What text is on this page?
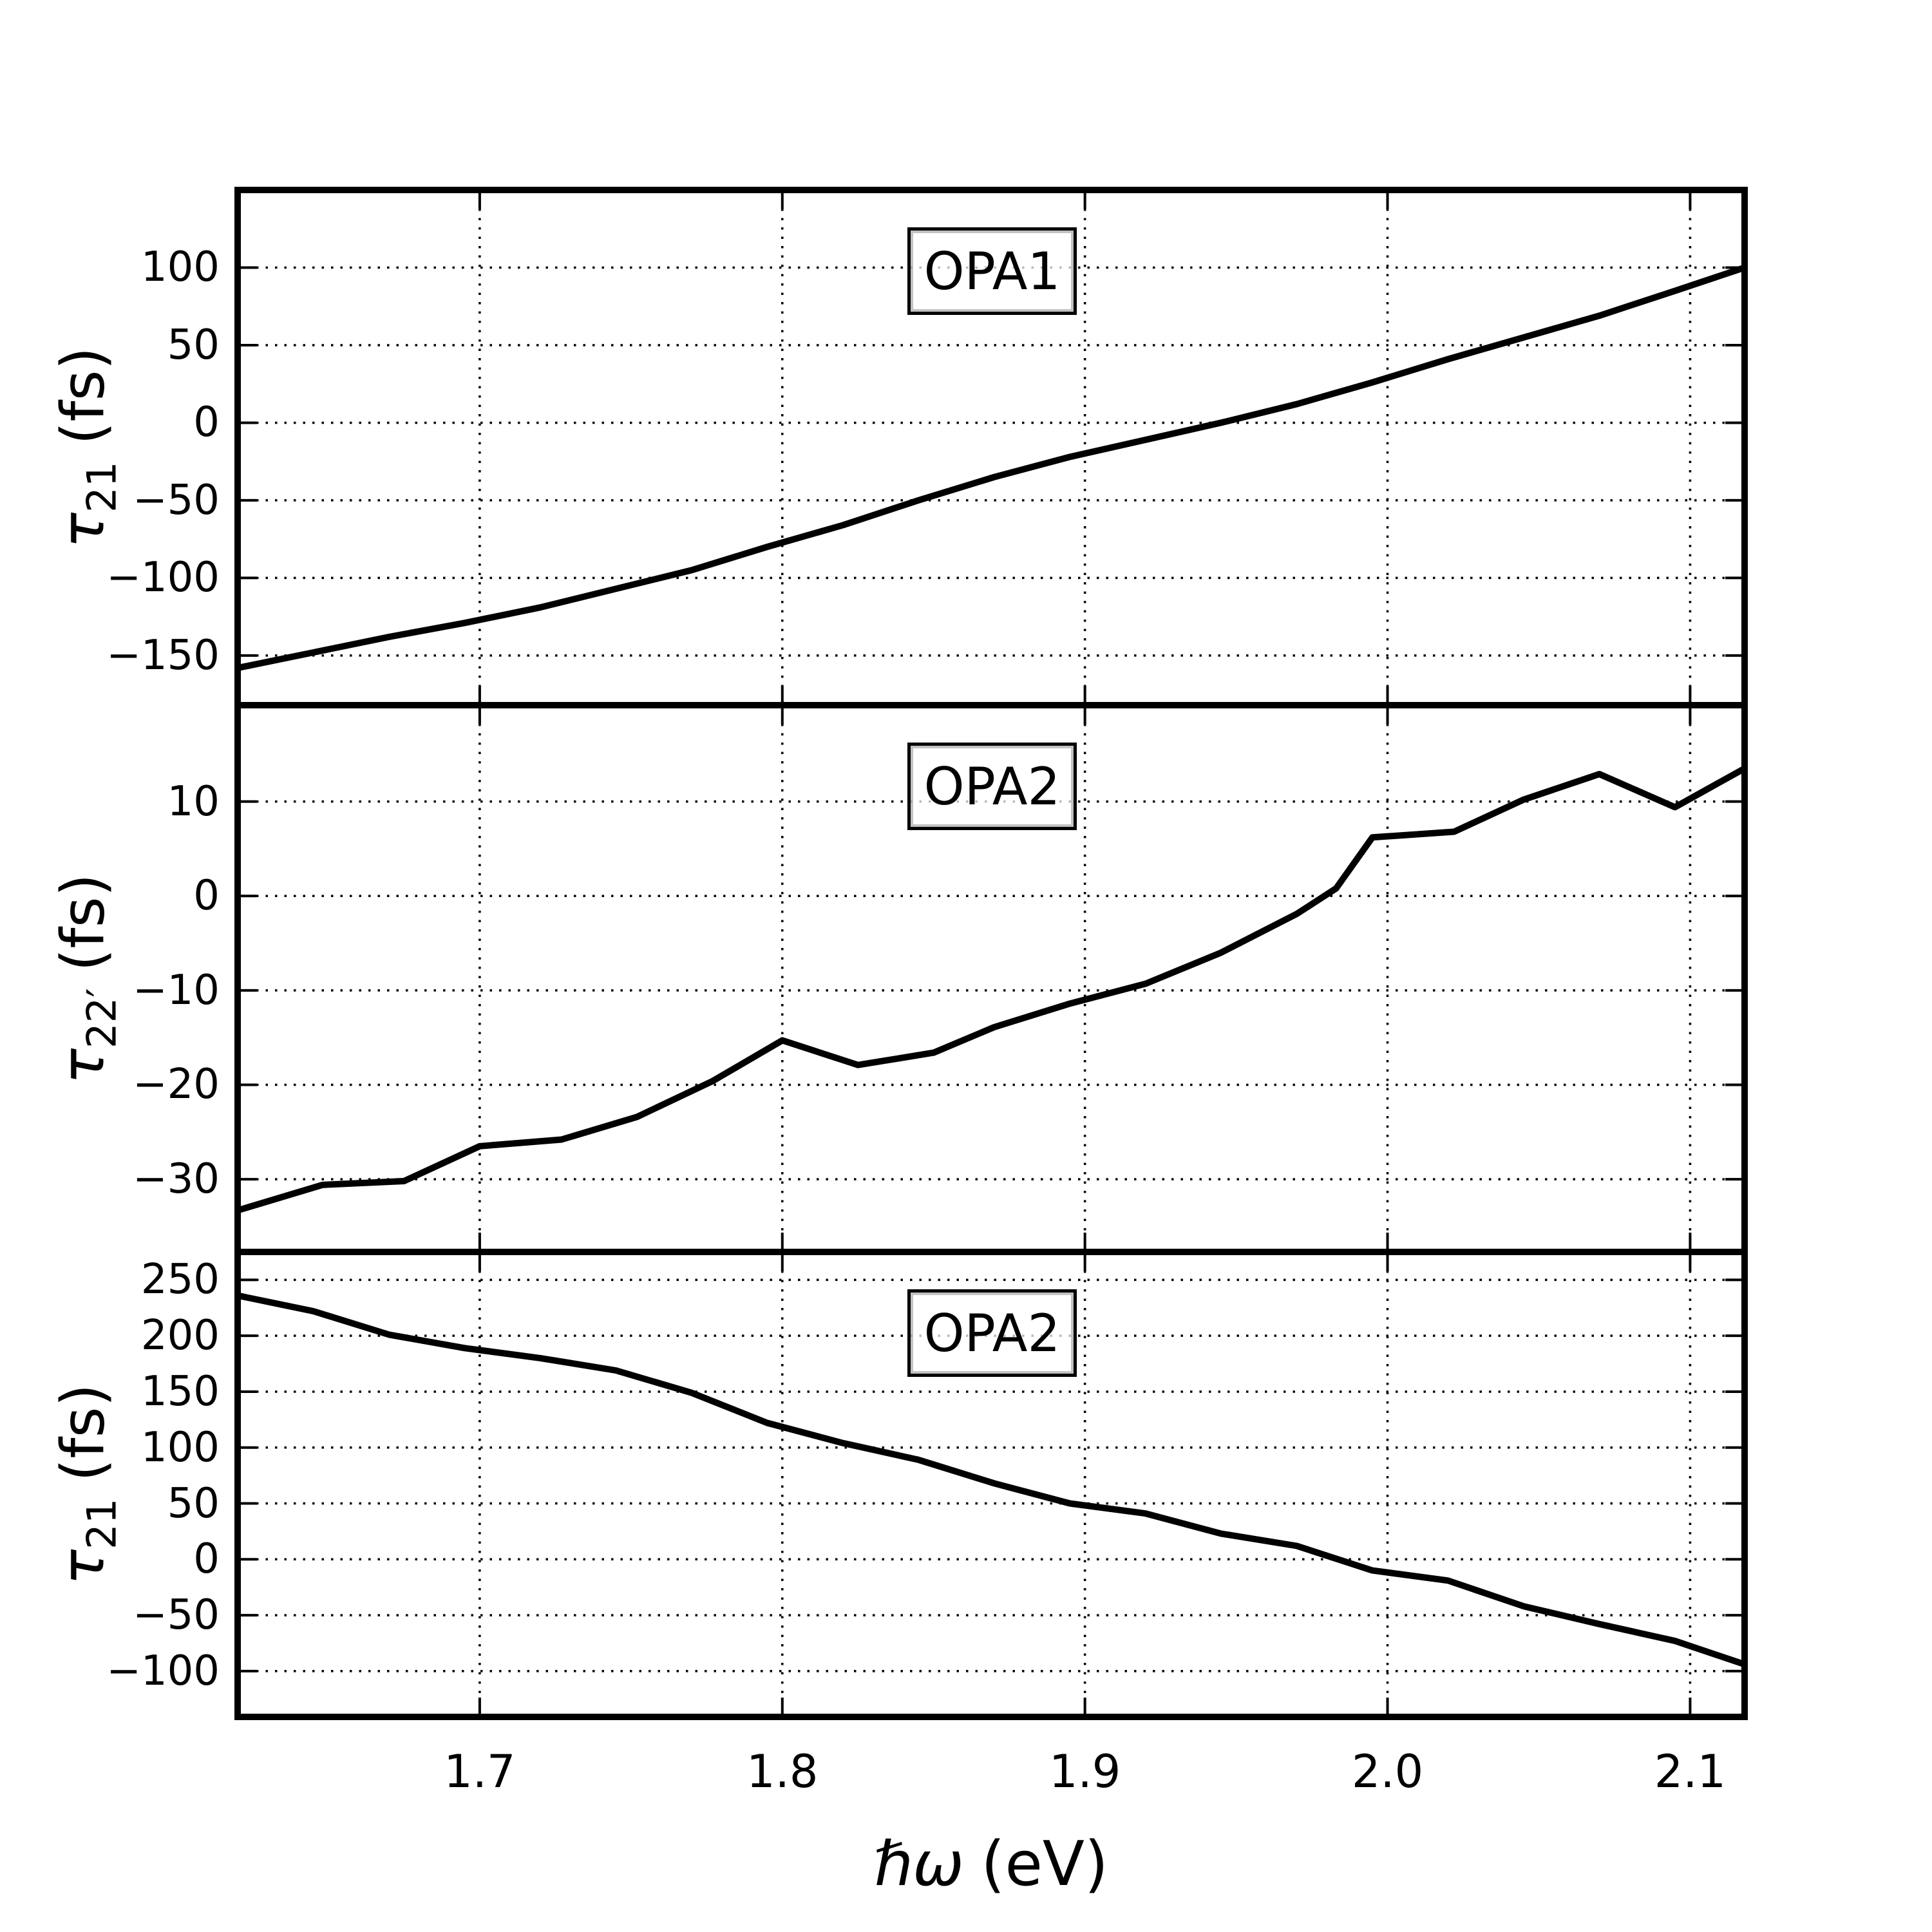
OPA1
OPA2
OPA2
$\tau_{21}(fs)$
$\tau_{22'}(fs)$
$\tau_{21}(fs)$
ℏω (eV)
100
50
0
−50
−100
−150
10
0
−10
−20
−30
250
200
150
100
50
0
−50
−100
1.7	1.8	1.9	2.0	2.1
